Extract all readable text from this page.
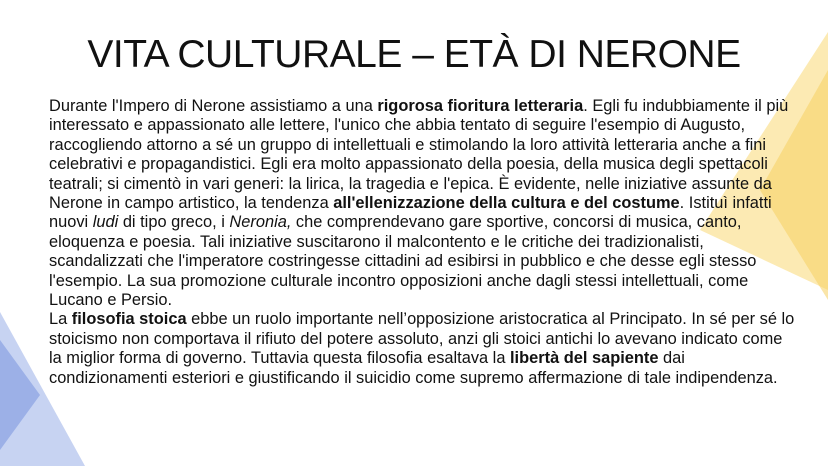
VITA CULTURALE – ETÀ DI NERONE

Durante l'Impero di Nerone assistiamo a una rigorosa fioritura letteraria. Egli fu indubbiamente il più interessato e appassionato alle lettere, l'unico che abbia tentato di seguire l'esempio di Augusto, raccogliendo attorno a sé un gruppo di intellettuali e stimolando la loro attività letteraria anche a fini celebrativi e propagandistici. Egli era molto appassionato della poesia, della musica degli spettacoli teatrali; si cimentò in vari generi: la lirica, la tragedia e l'epica. È evidente, nelle iniziative assunte da Nerone in campo artistico, la tendenza all'ellenizzazione della cultura e del costume. Istituì infatti nuovi ludi di tipo greco, i Neronia, che comprendevano gare sportive, concorsi di musica, canto, eloquenza e poesia. Tali iniziative suscitarono il malcontento e le critiche dei tradizionalisti, scandalizzati che l'imperatore costringesse cittadini ad esibirsi in pubblico e che desse egli stesso l'esempio. La sua promozione culturale incontro opposizioni anche dagli stessi intellettuali, come Lucano e Persio.

La filosofia stoica ebbe un ruolo importante nell’opposizione aristocratica al Principato. In sé per sé lo stoicismo non comportava il rifiuto del potere assoluto, anzi gli stoici antichi lo avevano indicato come la miglior forma di governo. Tuttavia questa filosofia esaltava la libertà del sapiente dai condizionamenti esteriori e giustificando il suicidio come supremo affermazione di tale indipendenza.
